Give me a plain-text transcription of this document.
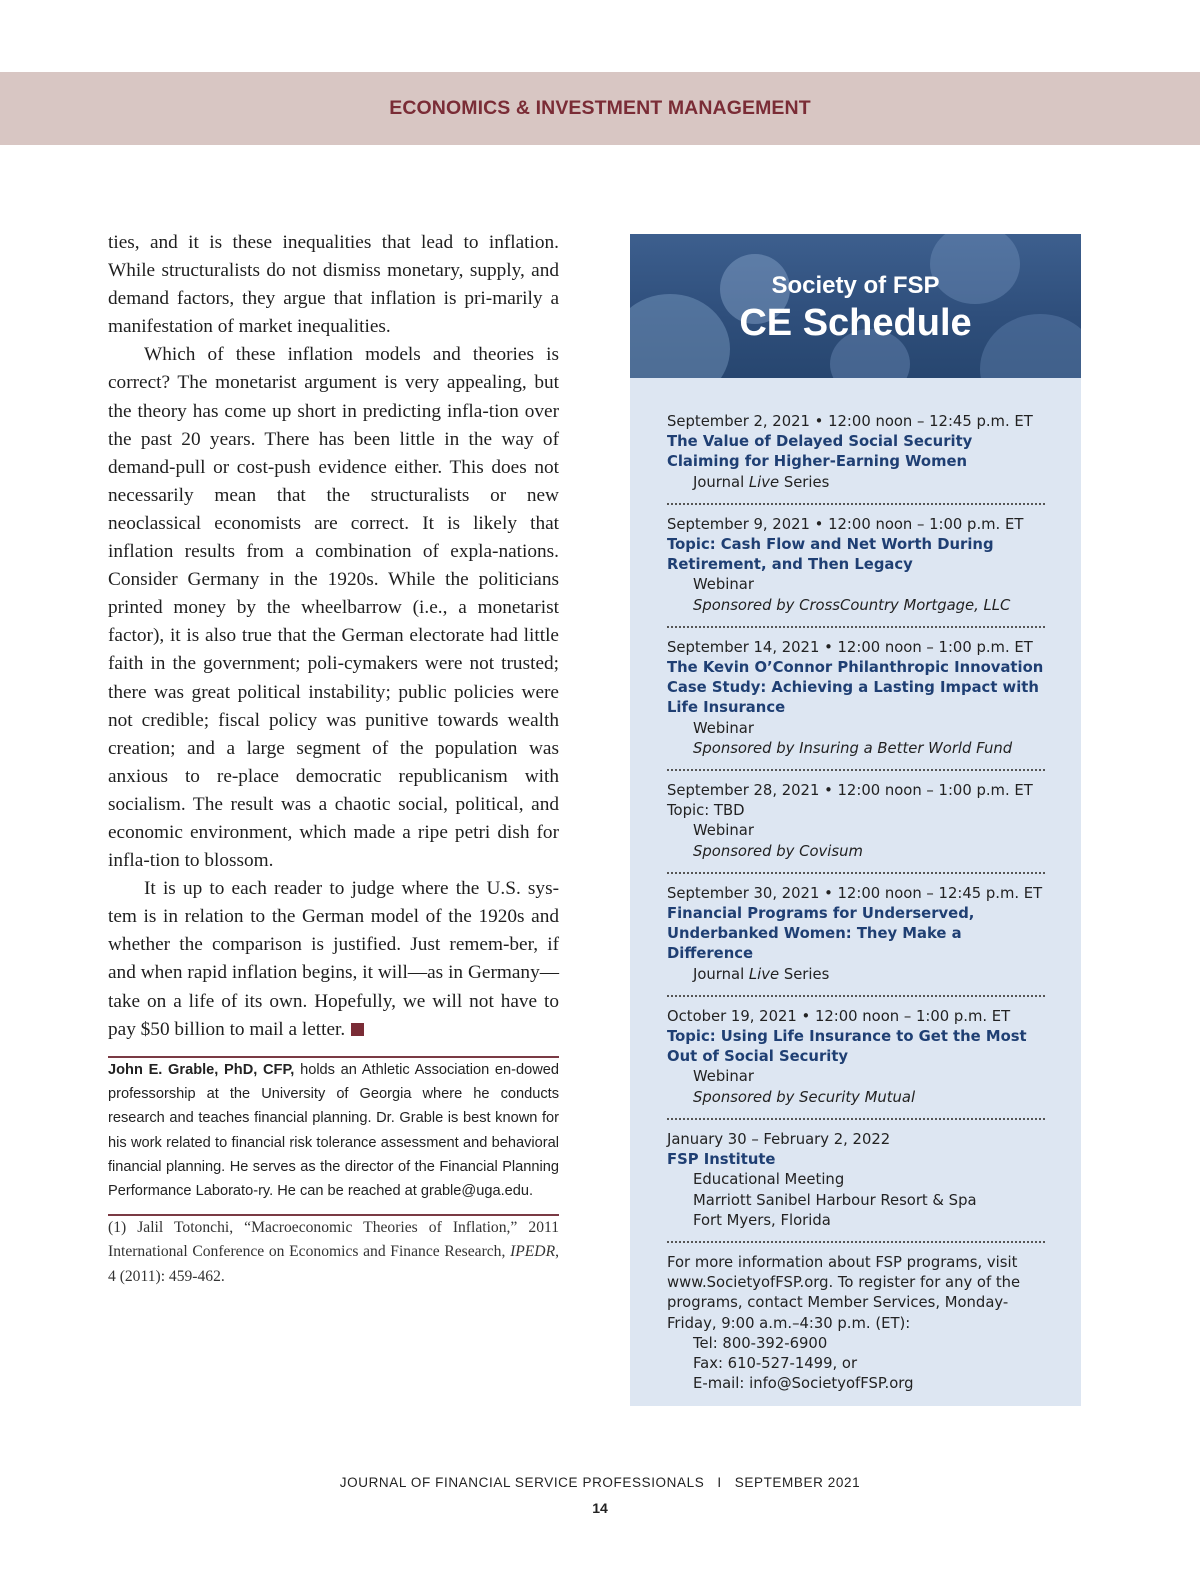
ECONOMICS & INVESTMENT MANAGEMENT

ties, and it is these inequalities that lead to inflation. While structuralists do not dismiss monetary, supply, and demand factors, they argue that inflation is pri-marily a manifestation of market inequalities.

Which of these inflation models and theories is correct? The monetarist argument is very appealing, but the theory has come up short in predicting infla-tion over the past 20 years. There has been little in the way of demand-pull or cost-push evidence either. This does not necessarily mean that the structuralists or new neoclassical economists are correct. It is likely that inflation results from a combination of expla-nations. Consider Germany in the 1920s. While the politicians printed money by the wheelbarrow (i.e., a monetarist factor), it is also true that the German electorate had little faith in the government; poli-cymakers were not trusted; there was great political instability; public policies were not credible; fiscal policy was punitive towards wealth creation; and a large segment of the population was anxious to re-place democratic republicanism with socialism. The result was a chaotic social, political, and economic environment, which made a ripe petri dish for infla-tion to blossom.

It is up to each reader to judge where the U.S. sys-tem is in relation to the German model of the 1920s and whether the comparison is justified. Just remem-ber, if and when rapid inflation begins, it will—as in Germany—take on a life of its own. Hopefully, we will not have to pay $50 billion to mail a letter.

John E. Grable, PhD, CFP, holds an Athletic Association en-dowed professorship at the University of Georgia where he conducts research and teaches financial planning. Dr. Grable is best known for his work related to financial risk tolerance assessment and behavioral financial planning. He serves as the director of the Financial Planning Performance Laborato-ry. He can be reached at grable@uga.edu.

(1) Jalil Totonchi, “Macroeconomic Theories of Inflation,” 2011 International Conference on Economics and Finance Research, IPEDR, 4 (2011): 459-462.

Society of FSP
CE Schedule
September 2, 2021 • 12:00 noon – 12:45 p.m. ET
The Value of Delayed Social Security Claiming for Higher-Earning Women
Journal Live Series
September 9, 2021 • 12:00 noon – 1:00 p.m. ET
Topic: Cash Flow and Net Worth During Retirement, and Then Legacy
Webinar
Sponsored by CrossCountry Mortgage, LLC
September 14, 2021 • 12:00 noon – 1:00 p.m. ET
The Kevin O’Connor Philanthropic Innovation Case Study: Achieving a Lasting Impact with Life Insurance
Webinar
Sponsored by Insuring a Better World Fund
September 28, 2021 • 12:00 noon – 1:00 p.m. ET
Topic: TBD
Webinar
Sponsored by Covisum
September 30, 2021 • 12:00 noon – 12:45 p.m. ET
Financial Programs for Underserved, Underbanked Women: They Make a Difference
Journal Live Series
October 19, 2021 • 12:00 noon – 1:00 p.m. ET
Topic: Using Life Insurance to Get the Most Out of Social Security
Webinar
Sponsored by Security Mutual
January 30 – February 2, 2022
FSP Institute
Educational Meeting
Marriott Sanibel Harbour Resort & Spa
Fort Myers, Florida
For more information about FSP programs, visit www.SocietyofFSP.org. To register for any of the programs, contact Member Services, Monday-Friday, 9:00 a.m.–4:30 p.m. (ET):
Tel: 800-392-6900
Fax: 610-527-1499, or
E-mail: info@SocietyofFSP.org
JOURNAL OF FINANCIAL SERVICE PROFESSIONALS   I   SEPTEMBER 2021
14
